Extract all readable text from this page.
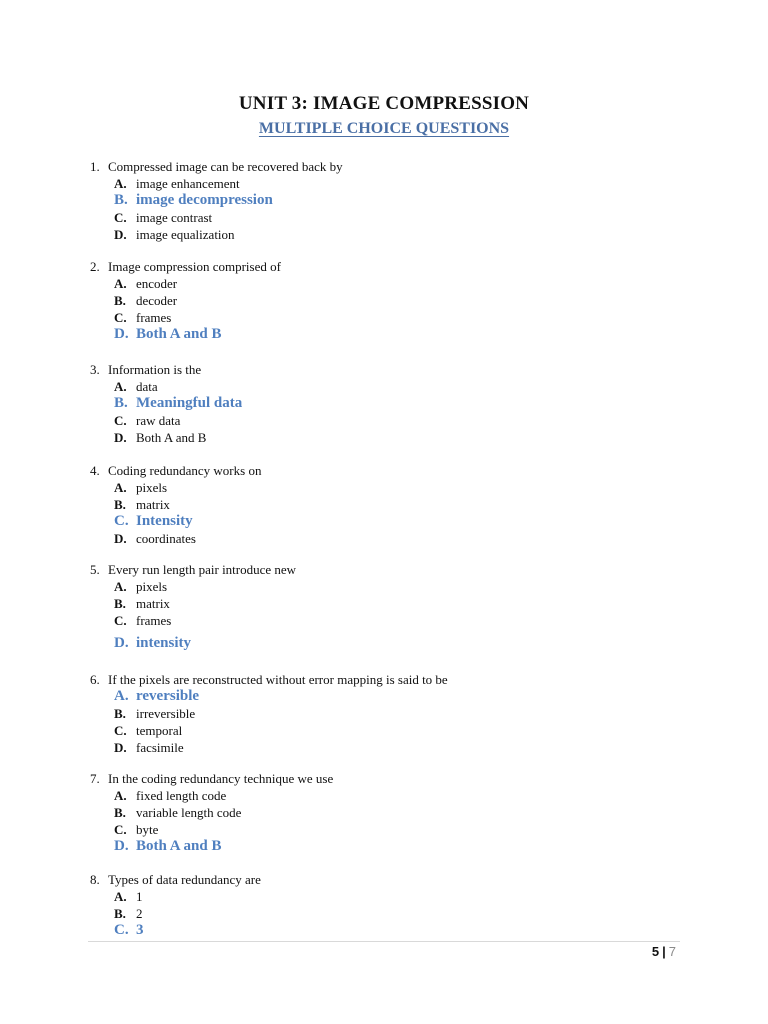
UNIT 3: IMAGE COMPRESSION
MULTIPLE CHOICE QUESTIONS
1. Compressed image can be recovered back by
A. image enhancement
B. image decompression
C. image contrast
D. image equalization
2. Image compression comprised of
A. encoder
B. decoder
C. frames
D. Both A and B
3. Information is the
A. data
B. Meaningful data
C. raw data
D. Both A and B
4. Coding redundancy works on
A. pixels
B. matrix
C. Intensity
D. coordinates
5. Every run length pair introduce new
A. pixels
B. matrix
C. frames
D. intensity
6. If the pixels are reconstructed without error mapping is said to be
A. reversible
B. irreversible
C. temporal
D. facsimile
7. In the coding redundancy technique we use
A. fixed length code
B. variable length code
C. byte
D. Both A and B
8. Types of data redundancy are
A. 1
B. 2
C. 3
5 | 7
